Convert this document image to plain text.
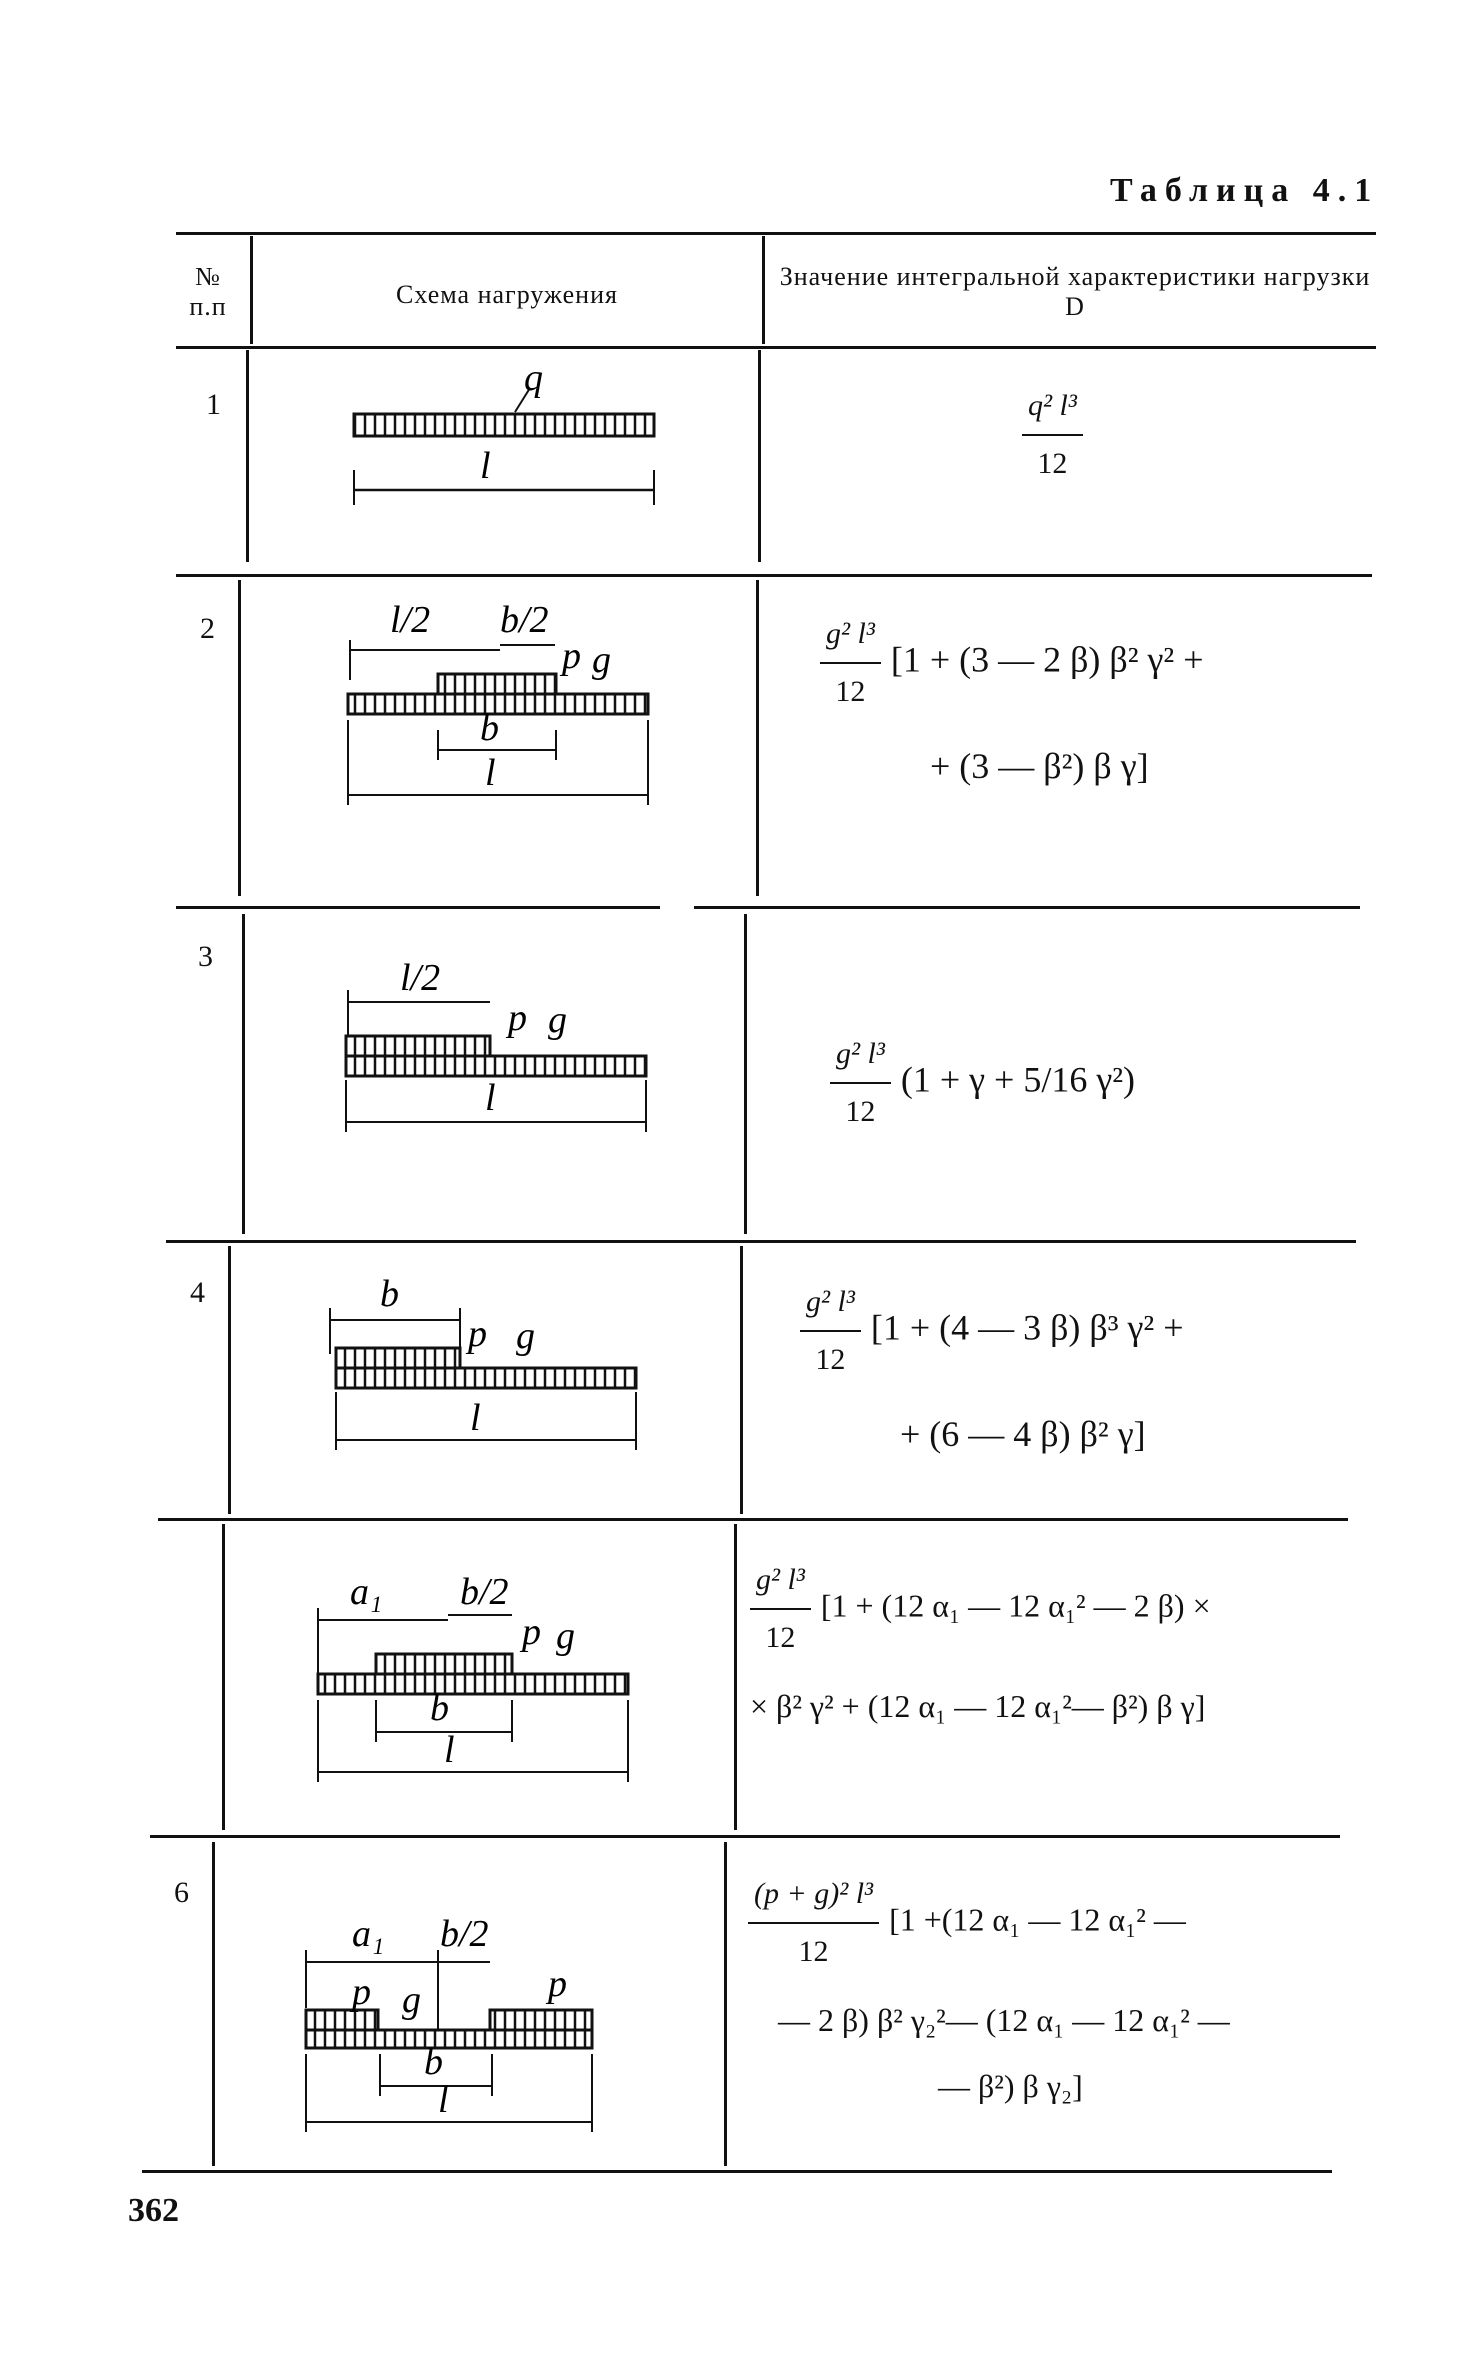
Таблица 4.1
№
п.п	Схема нагружения
Значение интегральной характеристики нагрузки D
1
2
3
4
6
q
l
l/2 b/2
p g
b
l
l/2
p g
l
b
p g
l
a₁ b/2
p g
b
l
a₁ b/2
p g	p
b
l
$\frac{\text{q² l³}}{12}$
$\frac{\text{g² l³}}{12} [1 + (3$ — 2 β) β² γ² +
+ (3 — β²) β γ]
$\frac{\text{g² l³}}{12} (1 + \gamma + 5/16$ γ²)
$\frac{\text{g² l³}}{12} [1 + (4$ — 3 β) β³ γ² +
+ (6 — 4 β) β² γ]
$\frac{\text{g² l³}}{12} [1 + (12$ α₁ — 12 α₁² — 2 β) ×
× β² γ² + (12 α₁ — 12 α₁²— β²) β γ]
$\frac{\text{(p + g)² l³}}{12} [1 +(12$ α₁ — 12 α₁² —
— 2 β) β² γ₂²— (12 α₁ — 12 α₁² —
— β²) β γ₂]
362
